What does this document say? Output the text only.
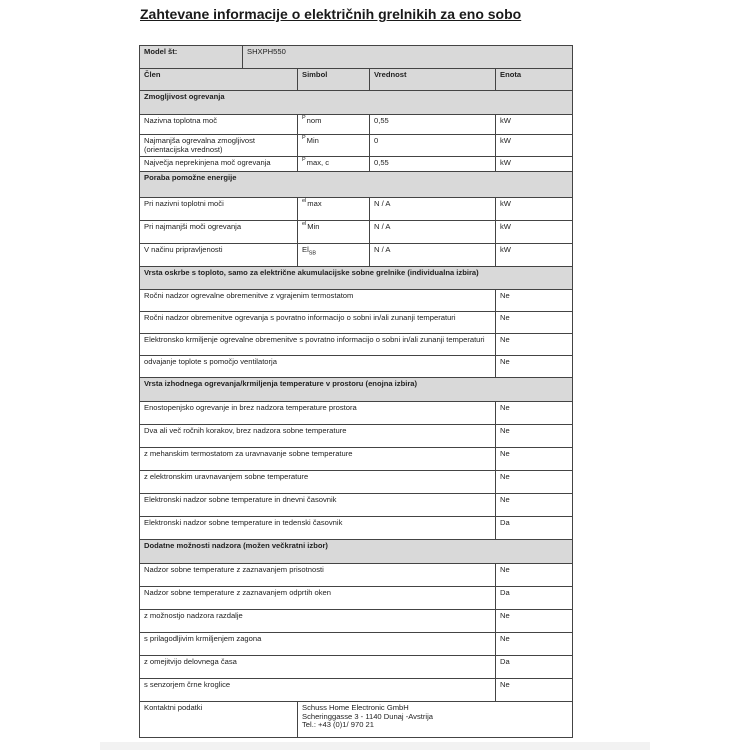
Zahtevane informacije o električnih grelnikih za eno sobo
Model št:	SHXPH550			
Člen		Simbol	Vrednost	Enota
Zmogljivost ogrevanja				
Nazivna toplotna moč		$^P$nom	0,55	kW
Najmanjša ogrevalna zmogljivost (orientacijska vrednost)		$^P$Min	0	kW
Največja neprekinjena moč ogrevanja		$^P$max, c	0,55	kW
Poraba pomožne energije				
Pri nazivni toplotni moči		$^{el}$max	N / A	kW
Pri najmanjši moči ogrevanja		$^{el}$Min	N / A	kW
V načinu pripravljenosti		$El_{SB}$	N / A	kW
Vrsta oskrbe s toploto, samo za električne akumulacijske sobne grelnike (individualna izbira)				
Ročni nadzor ogrevalne obremenitve z vgrajenim termostatom				Ne
Ročni nadzor obremenitve ogrevanja s povratno informacijo o sobni in/ali zunanji temperaturi				Ne
Elektronsko krmiljenje ogrevalne obremenitve s povratno informacijo o sobni in/ali zunanji temperaturi				Ne
odvajanje toplote s pomočjo ventilatorja				Ne
Vrsta izhodnega ogrevanja/krmiljenja temperature v prostoru (enojna izbira)				
Enostopenjsko ogrevanje in brez nadzora temperature prostora				Ne
Dva ali več ročnih korakov, brez nadzora sobne temperature				Ne
z mehanskim termostatom za uravnavanje sobne temperature				Ne
z elektronskim uravnavanjem sobne temperature				Ne
Elektronski nadzor sobne temperature in dnevni časovnik				Ne
Elektronski nadzor sobne temperature in tedenski časovnik				Da
Dodatne možnosti nadzora (možen večkratni izbor)				
Nadzor sobne temperature z zaznavanjem prisotnosti				Ne
Nadzor sobne temperature z zaznavanjem odprtih oken				Da
z možnostjo nadzora razdalje				Ne
s prilagodljivim krmiljenjem zagona				Ne
z omejitvijo delovnega časa				Da
s senzorjem črne kroglice				Ne
Kontaktni podatki		Schuss Home Electronic GmbH
Scheringgasse 3 - 1140 Dunaj -Avstrija
Tel.: +43 (0)1/ 970 21		
